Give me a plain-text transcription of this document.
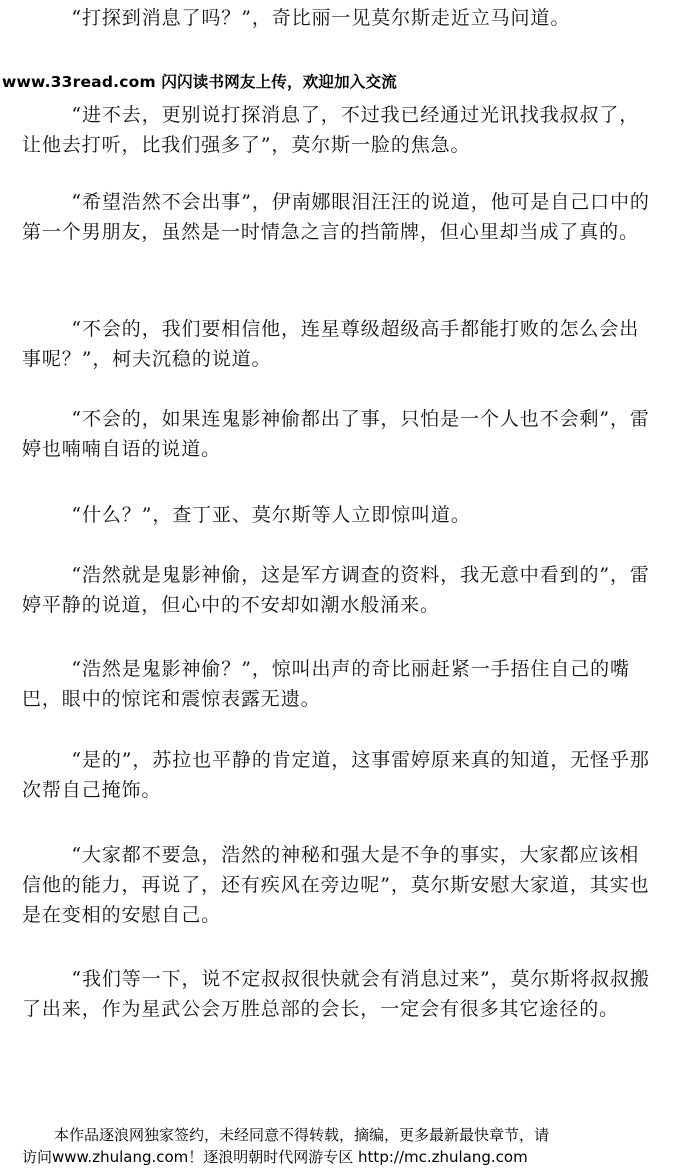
“打探到消息了吗？”，奇比丽一见莫尔斯走近立马问道。

www.33read.com 闪闪读书网友上传，欢迎加入交流

“进不去，更别说打探消息了，不过我已经通过光讯找我叔叔了，让他去打听，比我们强多了”，莫尔斯一脸的焦急。

“希望浩然不会出事”，伊南娜眼泪汪汪的说道，他可是自己口中的第一个男朋友，虽然是一时情急之言的挡箭牌，但心里却当成了真的。

“不会的，我们要相信他，连星尊级超级高手都能打败的怎么会出事呢？”，柯夫沉稳的说道。

“不会的，如果连鬼影神偷都出了事，只怕是一个人也不会剩”，雷婷也喃喃自语的说道。

“什么？”，查丁亚、莫尔斯等人立即惊叫道。

“浩然就是鬼影神偷，这是军方调查的资料，我无意中看到的”，雷婷平静的说道，但心中的不安却如潮水般涌来。

“浩然是鬼影神偷？”，惊叫出声的奇比丽赶紧一手捂住自己的嘴巴，眼中的惊诧和震惊表露无遗。

“是的”，苏拉也平静的肯定道，这事雷婷原来真的知道，无怪乎那次帮自己掩饰。

“大家都不要急，浩然的神秘和强大是不争的事实，大家都应该相信他的能力，再说了，还有疾风在旁边呢”，莫尔斯安慰大家道，其实也是在变相的安慰自己。

“我们等一下，说不定叔叔很快就会有消息过来”，莫尔斯将叔叔搬了出来，作为星武公会万胜总部的会长，一定会有很多其它途径的。

本作品逐浪网独家签约，未经同意不得转载，摘编，更多最新最快章节，请
访问www.zhulang.com！逐浪明朝时代网游专区 http://mc.zhulang.com
